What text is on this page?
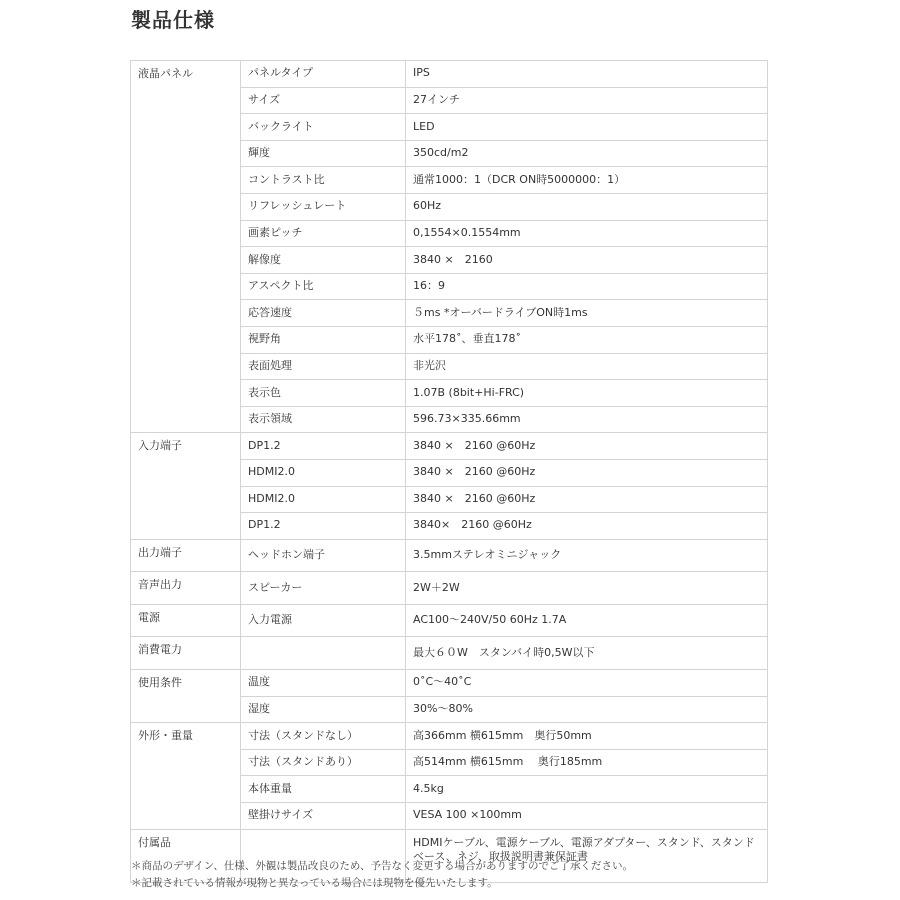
製品仕様
液晶パネル	パネルタイプ	IPS
	サイズ	27インチ
	バックライト	LED
	輝度	350cd/m2
	コントラスト比	通常1000：1（DCR ON時5000000：1）
	リフレッシュレート	60Hz
	画素ピッチ	0,1554×0.1554mm
	解像度	3840 ×　2160
	アスペクト比	16：9
	応答速度	５ms *オーバードライブON時1ms
	視野角	水平178˚、垂直178˚
	表面処理	非光沢
	表示色	1.07B (8bit+Hi-FRC)
	表示領域	596.73×335.66mm
入力端子	DP1.2	3840 ×　2160 @60Hz
	HDMI2.0	3840 ×　2160 @60Hz
	HDMI2.0	3840 ×　2160 @60Hz
	DP1.2	3840×　2160 @60Hz
出力端子	ヘッドホン端子	3.5mmステレオミニジャック
音声出力	スピーカー	2W＋2W
電源	入力電源	AC100〜240V/50 60Hz 1.7A
消費電力		最大６０W　スタンバイ時0,5W以下
使用条件	温度	0˚C〜40˚C
	湿度	30%〜80%
外形・重量	寸法（スタンドなし）	高366mm 横615mm　奥行50mm
	寸法（スタンドあり）	高514mm 横615mm　 奥行185mm
	本体重量	4.5kg
	壁掛けサイズ	VESA 100 ×100mm
付属品		HDMIケーブル、電源ケーブル、電源アダプター、スタンド、スタンドベース、ネジ、取扱説明書兼保証書
＊商品のデザイン、仕様、外観は製品改良のため、予告なく変更する場合がありますのでご了承ください。
＊記載されている情報が現物と異なっている場合には現物を優先いたします。
